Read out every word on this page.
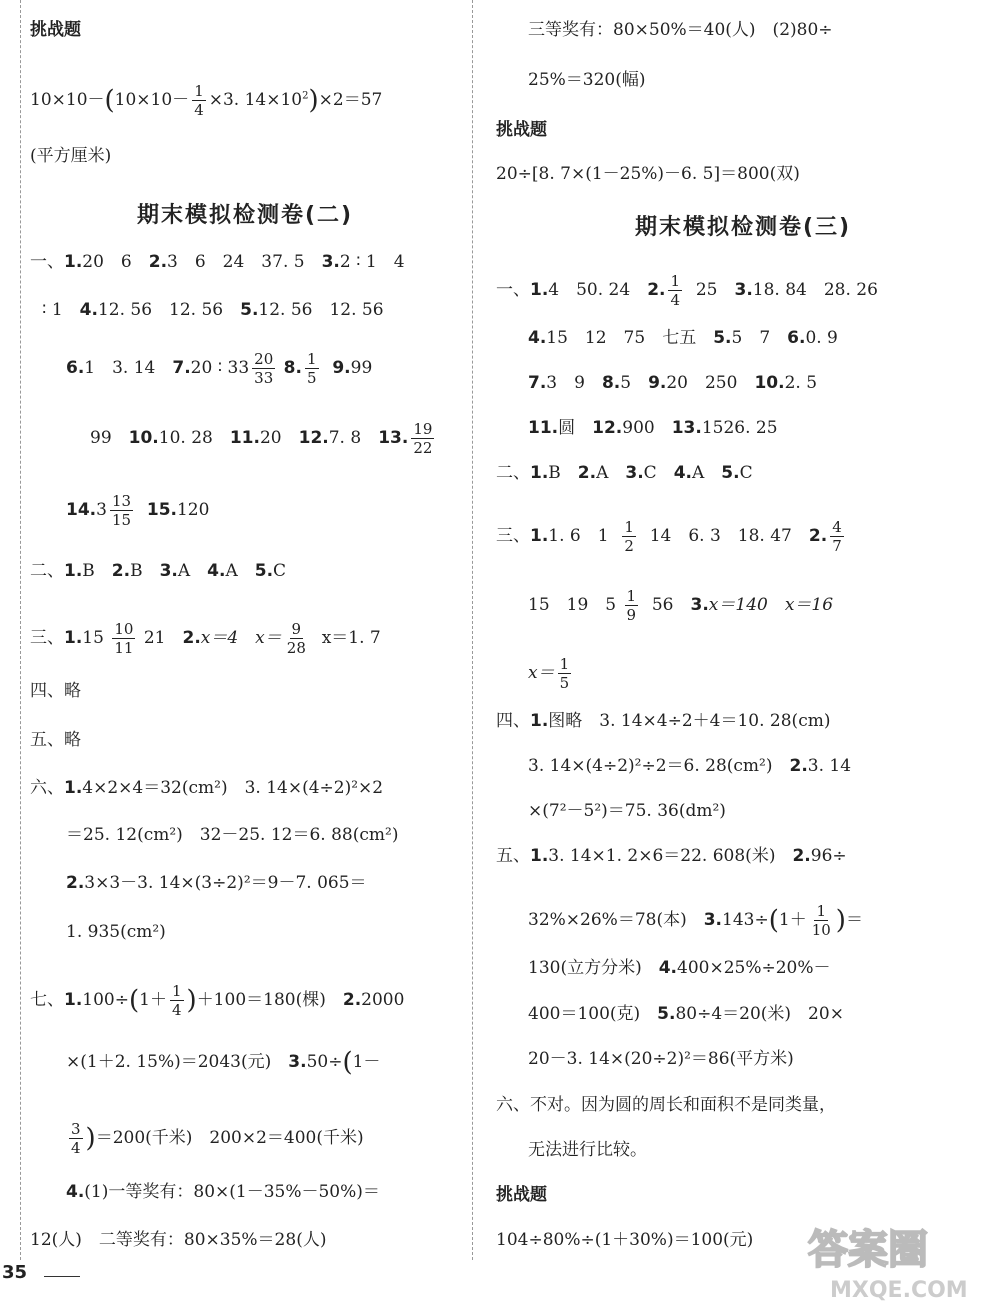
挑战题
$10\times 10-(10\times 10- \frac{1}{4} \times 3$. $14\times 10^2)\times 2=57$
(平方厘米)
期末模拟检测卷(二)
一、1.20　6　2.3　6　24　37. 5　3.2 ∶ 1　4
∶ 1　4.12. 56　12. 56　5.12. 56　12. 56
6.1　3. 14　7.20 ∶ $33 \frac{20}{33} 8$. $\frac{1}{5} 9.99$
99　10.10. 28　11.20　12.7. 8　13. $\frac{19}{22}$
$14.3 \frac{13}{15} 15.120$
二、1.B　2.B　3.A　4.A　5.C
三、$1.15 \frac{10}{11} 21$　2.x＝4　$x= \frac{9}{28} x=1$. 7
四、略
五、略
六、1.4×2×4＝32(cm²)　3. 14×(4÷2)²×2
＝25. 12(cm²)　32－25. 12＝6. 88(cm²)
2.3×3－3. 14×(3÷2)²＝9－7. 065＝
1. 935(cm²)
七、$1.100\div(1+ \frac{1}{4} )+100=180$(棵)　2.2000
×(1＋2. 15%)＝2043(元)　3.50÷(1－
$\frac{3}{4} )=200$(千米)　200×2＝400(千米)
4.(1)一等奖有：80×(1－35%－50%)＝
12(人)　二等奖有：80×35%＝28(人)
35
三等奖有：80×50%＝40(人)　(2)80÷
25%＝320(幅)
挑战题
20÷[8. 7×(1－25%)－6. 5]＝800(双)
期末模拟检测卷(三)
一、1.4　50. 24　2. $\frac{1}{4} 25$　3.18. 84　28. 26
4.15　12　75　七五　5.5　7　6.0. 9
7.3　9　8.5　9.20　250　10.2. 5
11.圆　12.900　13.1526. 25
二、1.B　2.A　3.C　4.A　5.C
三、1.1. 6　$1 \frac{1}{2} 14$　6. 3　18. 47　2. $\frac{4}{7}$
15　19　$5 \frac{1}{9} 56$　3.x＝140　x＝16
$x= \frac{1}{5}$
四、1.图略　3. 14×4÷2＋4＝10. 28(cm)
3. 14×(4÷2)²÷2＝6. 28(cm²)　2.3. 14
×(7²－5²)＝75. 36(dm²)
五、1.3. 14×1. 2×6＝22. 608(米)　2.96÷
32%×26%＝78(本)　$3.143\div(1+ \frac{1}{10}$ )＝
130(立方分米)　4.400×25%÷20%－
400＝100(克)　5.80÷4＝20(米)　20×
20－3. 14×(20÷2)²＝86(平方米)
六、不对。因为圆的周长和面积不是同类量，
无法进行比较。
挑战题
104÷80%÷(1＋30%)＝100(元) 答案圈
MXQE.COM
